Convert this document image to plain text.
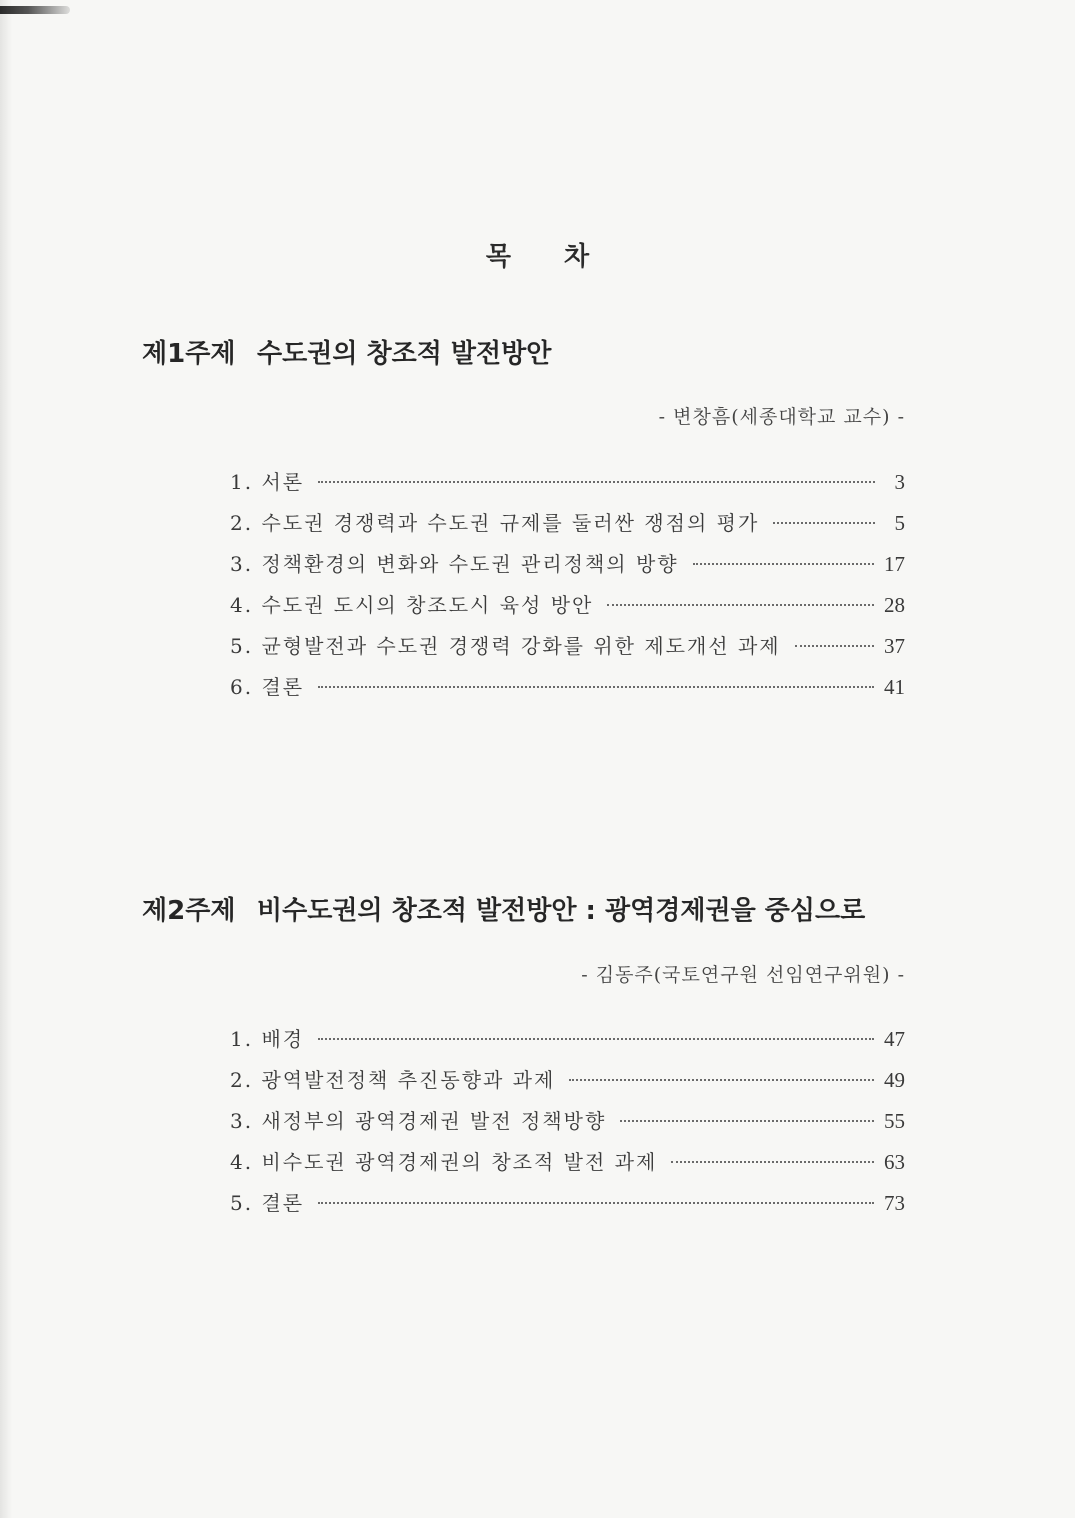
목 차
제1주제 수도권의 창조적 발전방안
- 변창흠(세종대학교 교수) -
1. 서론	3
2. 수도권 경쟁력과 수도권 규제를 둘러싼 쟁점의 평가	5
3. 정책환경의 변화와 수도권 관리정책의 방향	17
4. 수도권 도시의 창조도시 육성 방안	28
5. 균형발전과 수도권 경쟁력 강화를 위한 제도개선 과제	37
6. 결론	41
제2주제 비수도권의 창조적 발전방안 : 광역경제권을 중심으로
- 김동주(국토연구원 선임연구위원) -
1. 배경	47
2. 광역발전정책 추진동향과 과제	49
3. 새정부의 광역경제권 발전 정책방향	55
4. 비수도권 광역경제권의 창조적 발전 과제	63
5. 결론	73
